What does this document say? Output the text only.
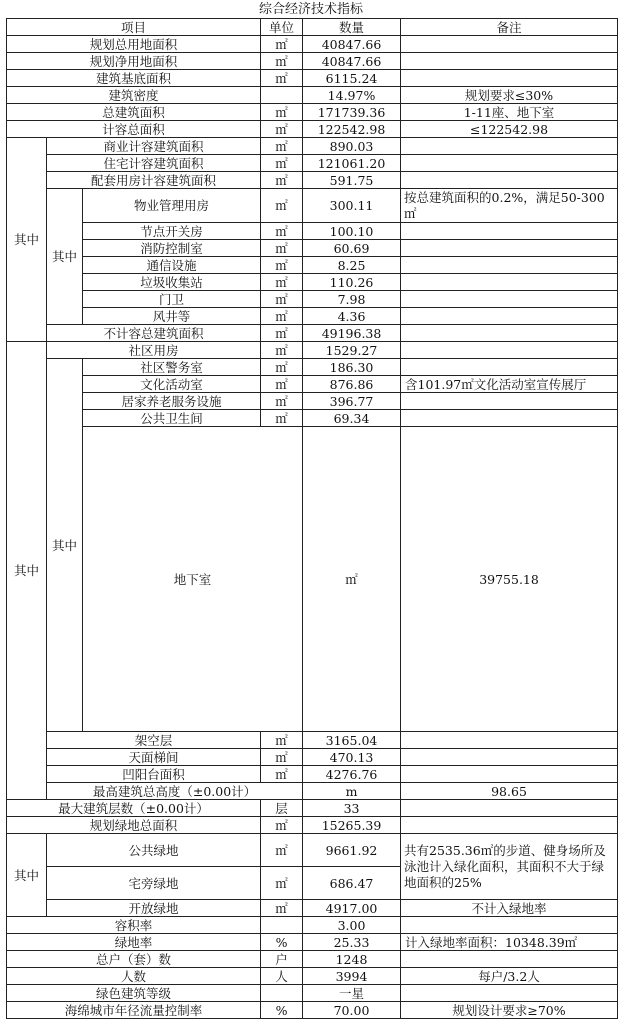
综合经济技术指标
项目			单位	数量	备注	
规划总用地面积			㎡	40847.66		
规划净用地面积			㎡	40847.66		
建筑基底面积			㎡	6115.24		
建筑密度				14.97%	规划要求≤30%	
总建筑面积			㎡	171739.36	1-11座、地下室	
计容总面积			㎡	122542.98	≤122542.98	
其中	商业计容建筑面积		㎡	890.03		
	住宅计容建筑面积		㎡	121061.20		
	配套用房计容建筑面积		㎡	591.75		
	其中	物业管理用房	㎡	300.11	按总建筑面积的0.2%，满足50-300㎡	
		节点开关房	㎡	100.10		
		消防控制室	㎡	60.69		
		通信设施	㎡	8.25		
		垃圾收集站	㎡	110.26		
		门卫	㎡	7.98		
		风井等	㎡	4.36		
	不计容总建筑面积		㎡	49196.38		
其中	社区用房		㎡	1529.27		
	其中	社区警务室	㎡	186.30		
		文化活动室	㎡	876.86	含101.97㎡文化活动室宣传展厅	
		居家养老服务设施	㎡	396.77		
		公共卫生间	㎡	69.34		
		地下室		㎡	39755.18	
	架空层		㎡	3165.04		
	天面梯间		㎡	470.13		
	凹阳台面积		㎡	4276.76		
	最高建筑总高度（±0.00计）			m	98.65	
最大建筑层数（±0.00计）			层	33		
规划绿地总面积			㎡	15265.39		
其中	公共绿地		㎡	9661.92	共有2535.36㎡的步道、健身场所及泳池计入绿化面积，其面积不大于绿地面积的25%	
	宅旁绿地		㎡	686.47		
	开放绿地		㎡	4917.00	不计入绿地率	
容积率				3.00		
绿地率			%	25.33	计入绿地率面积：10348.39㎡	
总户（套）数			户	1248		
人数			人	3994	每户/3.2人	
绿色建筑等级				一星		
海绵城市年径流量控制率			%	70.00	规划设计要求≥70%	
